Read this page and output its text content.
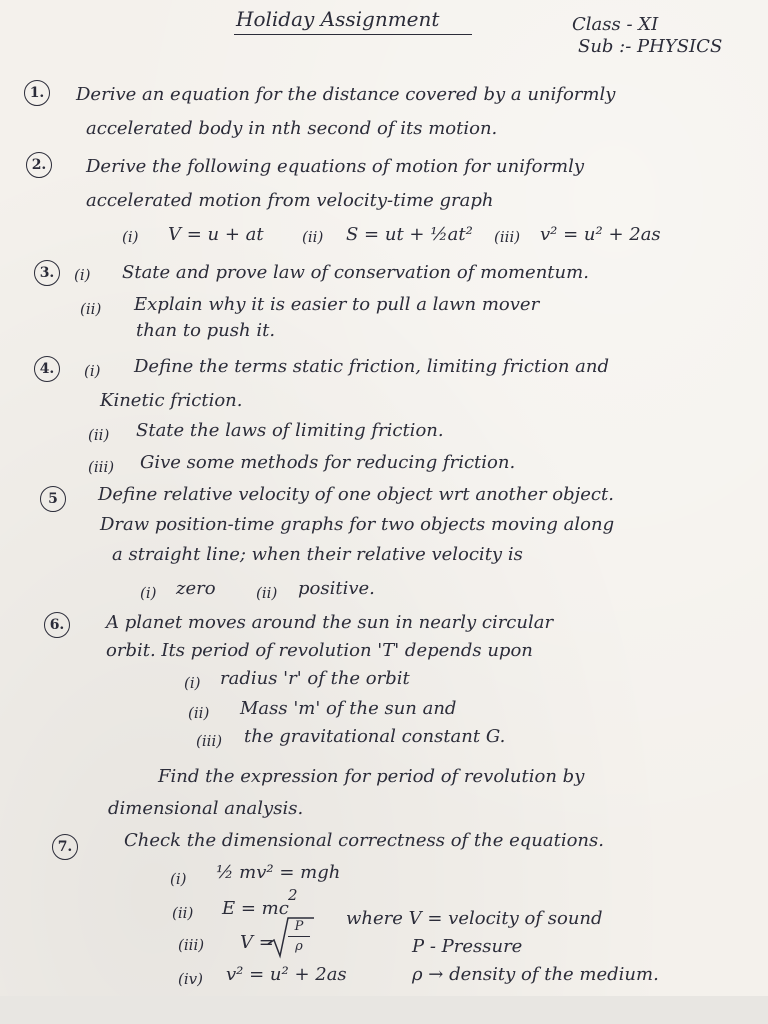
Holiday Assignment	Class - XI
Sub :- PHYSICS
1.	Derive an equation for the distance covered by a uniformly
accelerated body in nth second of its motion.
2.	Derive the following equations of motion for uniformly
accelerated motion from velocity-time graph
(i) V = u + at	(ii) S = ut + ½at² (iii) v² = u² + 2as
3.	(i) State and prove law of conservation of momentum.
(ii) Explain why it is easier to pull a lawn mover
than to push it.
4.	(i) Define the terms static friction, limiting friction and
Kinetic friction.
(ii) State the laws of limiting friction.
(iii) Give some methods for reducing friction.
5	Define relative velocity of one object wrt another object.
Draw position-time graphs for two objects moving along
a straight line; when their relative velocity is
(i) zero	(ii) positive.
6.	A planet moves around the sun in nearly circular
orbit. Its period of revolution 'T' depends upon
(i) radius 'r' of the orbit
(ii) Mass 'm' of the sun and
(iii) the gravitational constant G.
Find the expression for period of revolution by
dimensional analysis.
7.	Check the dimensional correctness of the equations.
(i) ½ mv² = mgh
(ii) E = mc
2
(iii) V =
P
ρ
where V = velocity of sound
P - Pressure
(iv) v² = u² + 2as	ρ → density of the medium.
